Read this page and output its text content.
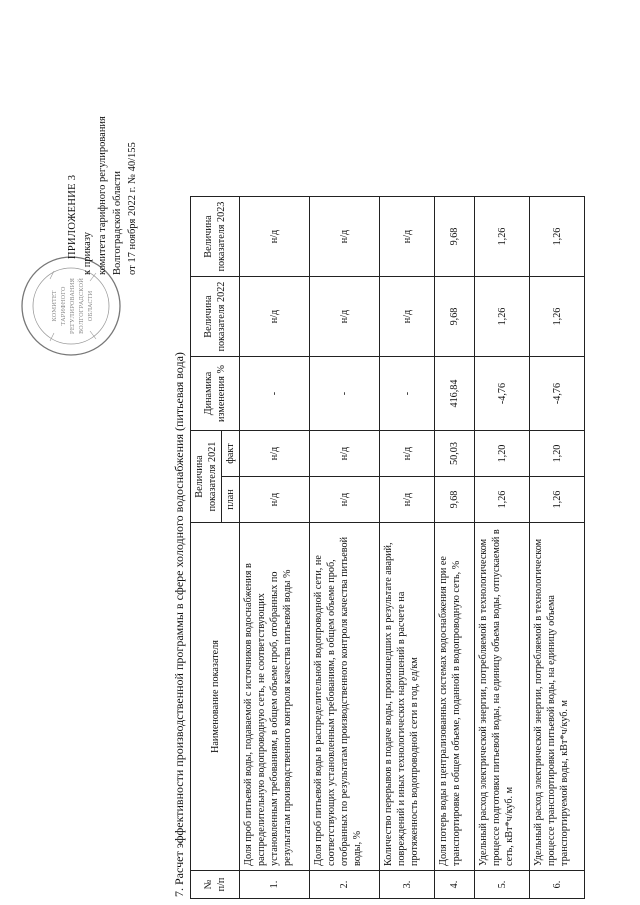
КОМИТЕТ ТАРИФНОГО РЕГУЛИРОВАНИЯ ВОЛГОГРАДСКОЙ ОБЛАСТИ
ПРИЛОЖЕНИЕ 3 к приказу комитета тарифного регулирования Волгоградской области от 17 ноября 2022 г. № 40/155
7. Расчет эффективности производственной программы в сфере холодного водоснабжения (питьевая вода) № п/п	Наименование показателя	Величина показателя 2021		Динамика изменения %	Величина показателя 2022	Величина показателя 2023
		план	факт			
1.	Доля проб питьевой воды, подаваемой с источников водоснабжения в распределительную водопроводную сеть, не соответствующих установленным требованиям, в общем объеме проб, отобранных по результатам производственного контроля качества питьевой воды %	н/д	н/д	-	н/д	н/д
2.	Доля проб питьевой воды в распределительной водопроводной сети, не соответствующих установленным требованиям, в общем объеме проб, отобранных по результатам производственного контроля качества питьевой воды, %	н/д	н/д	-	н/д	н/д
3.	Количество перерывов в подаче воды, произошедших в результате аварий, повреждений и иных технологических нарушений в расчете на протяженность водопроводной сети в год, ед/км	н/д	н/д	-	н/д	н/д
4.	Доля потерь воды в централизованных системах водоснабжения при ее транспортировке в общем объеме, поданной в водопроводную сеть, %	9,68	50,03	416,84	9,68	9,68
5.	Удельный расход электрической энергии, потребляемой в технологическом процессе подготовки питьевой воды, на единицу объема воды, отпускаемой в сеть, кВт*ч/куб. м	1,26	1,20	-4,76	1,26	1,26
6.	Удельный расход электрической энергии, потребляемой в технологическом процессе транспортировки питьевой воды, на единицу объема транспортируемой воды, кВт*ч/куб. м	1,26	1,20	-4,76	1,26	1,26
